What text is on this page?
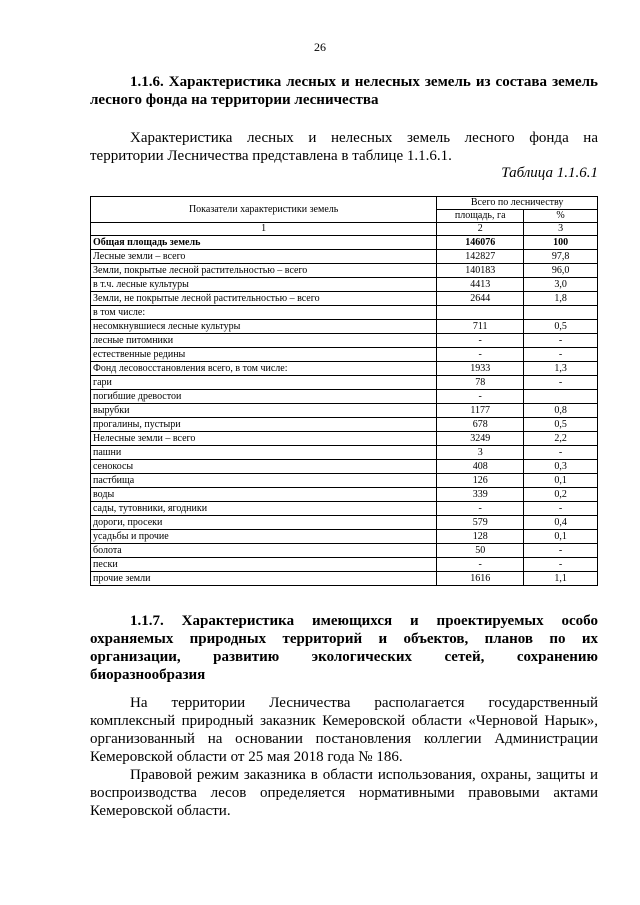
26
1.1.6. Характеристика лесных и нелесных земель из состава земель лесного фонда на территории лесничества
Характеристика лесных и нелесных земель лесного фонда на территории Лесничества представлена в таблице 1.1.6.1.
Таблица 1.1.6.1
Показатели характеристики земель	Всего по лесничеству	
	площадь, га	%
1	2	3
Общая площадь земель	146076	100
Лесные земли – всего	142827	97,8
Земли, покрытые лесной растительностью – всего	140183	96,0
в т.ч. лесные культуры	4413	3,0
Земли, не покрытые лесной растительностью – всего	2644	1,8
в том числе:		
несомкнувшиеся лесные культуры	711	0,5
лесные питомники	-	-
естественные редины	-	-
Фонд лесовосстановления всего, в том числе:	1933	1,3
гари	78	-
погибшие древостои	-	
вырубки	1177	0,8
прогалины, пустыри	678	0,5
Нелесные земли – всего	3249	2,2
пашни	3	-
сенокосы	408	0,3
пастбища	126	0,1
воды	339	0,2
сады, тутовники, ягодники	-	-
дороги, просеки	579	0,4
усадьбы и прочие	128	0,1
болота	50	-
пески	-	-
прочие земли	1616	1,1
1.1.7. Характеристика имеющихся и проектируемых особо охраняемых природных территорий и объектов, планов по их организации, развитию экологических сетей, сохранению биоразнообразия
На территории Лесничества располагается государственный комплексный природный заказник Кемеровской области «Черновой Нарык», организованный на основании постановления коллегии Администрации Кемеровской области от 25 мая 2018 года № 186.
Правовой режим заказника в области использования, охраны, защиты и воспроизводства лесов определяется нормативными правовыми актами Кемеровской области.
